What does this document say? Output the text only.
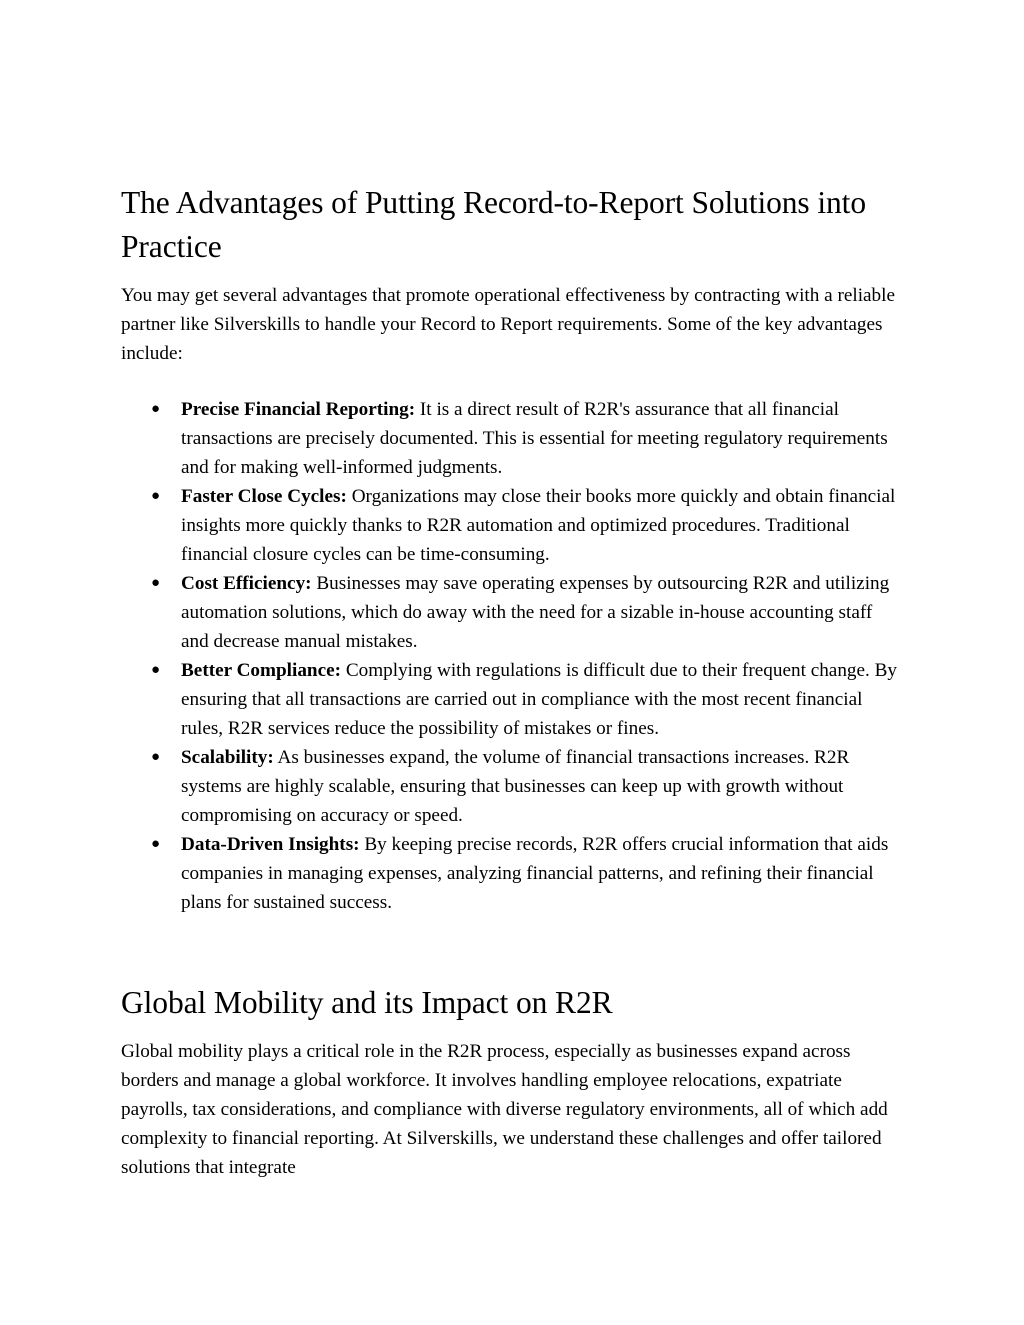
The Advantages of Putting Record-to-Report Solutions into Practice

You may get several advantages that promote operational effectiveness by contracting with a reliable partner like Silverskills to handle your Record to Report requirements. Some of the key advantages include:

● Precise Financial Reporting: It is a direct result of R2R's assurance that all financial transactions are precisely documented. This is essential for meeting regulatory requirements and for making well-informed judgments.
● Faster Close Cycles: Organizations may close their books more quickly and obtain financial insights more quickly thanks to R2R automation and optimized procedures. Traditional financial closure cycles can be time-consuming.
● Cost Efficiency: Businesses may save operating expenses by outsourcing R2R and utilizing automation solutions, which do away with the need for a sizable in-house accounting staff and decrease manual mistakes.
● Better Compliance: Complying with regulations is difficult due to their frequent change. By ensuring that all transactions are carried out in compliance with the most recent financial rules, R2R services reduce the possibility of mistakes or fines.
● Scalability: As businesses expand, the volume of financial transactions increases. R2R systems are highly scalable, ensuring that businesses can keep up with growth without compromising on accuracy or speed.
● Data-Driven Insights: By keeping precise records, R2R offers crucial information that aids companies in managing expenses, analyzing financial patterns, and refining their financial plans for sustained success.
Global Mobility and its Impact on R2R

Global mobility plays a critical role in the R2R process, especially as businesses expand across borders and manage a global workforce. It involves handling employee relocations, expatriate payrolls, tax considerations, and compliance with diverse regulatory environments, all of which add complexity to financial reporting. At Silverskills, we understand these challenges and offer tailored solutions that integrate
